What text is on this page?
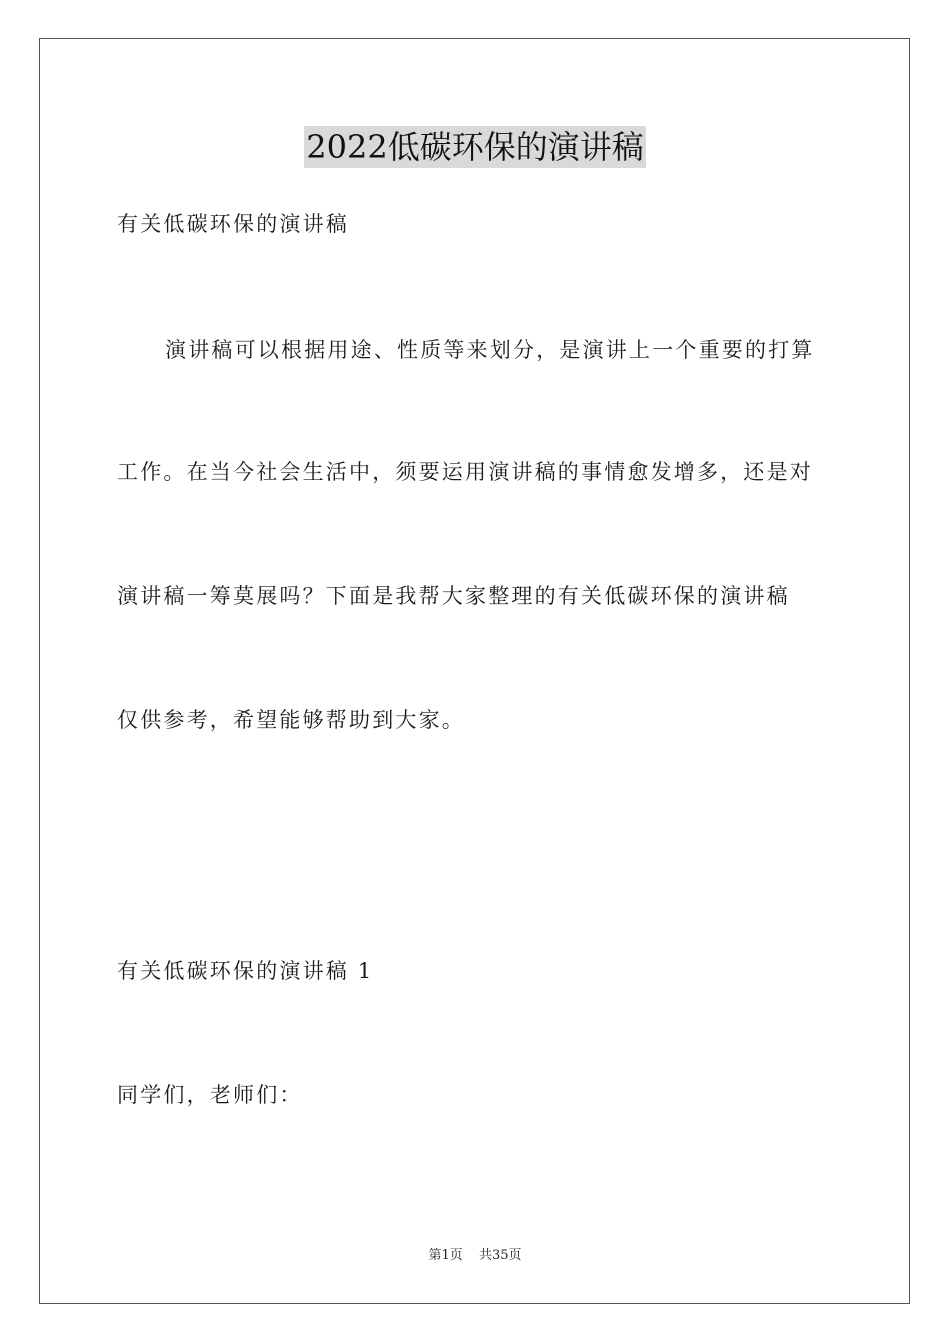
2022低碳环保的演讲稿
有关低碳环保的演讲稿
演讲稿可以根据用途、性质等来划分，是演讲上一个重要的打算
工作。在当今社会生活中，须要运用演讲稿的事情愈发增多，还是对
演讲稿一筹莫展吗？下面是我帮大家整理的有关低碳环保的演讲稿
仅供参考，希望能够帮助到大家。
有关低碳环保的演讲稿 1
同学们，老师们：
第1页 共35页
